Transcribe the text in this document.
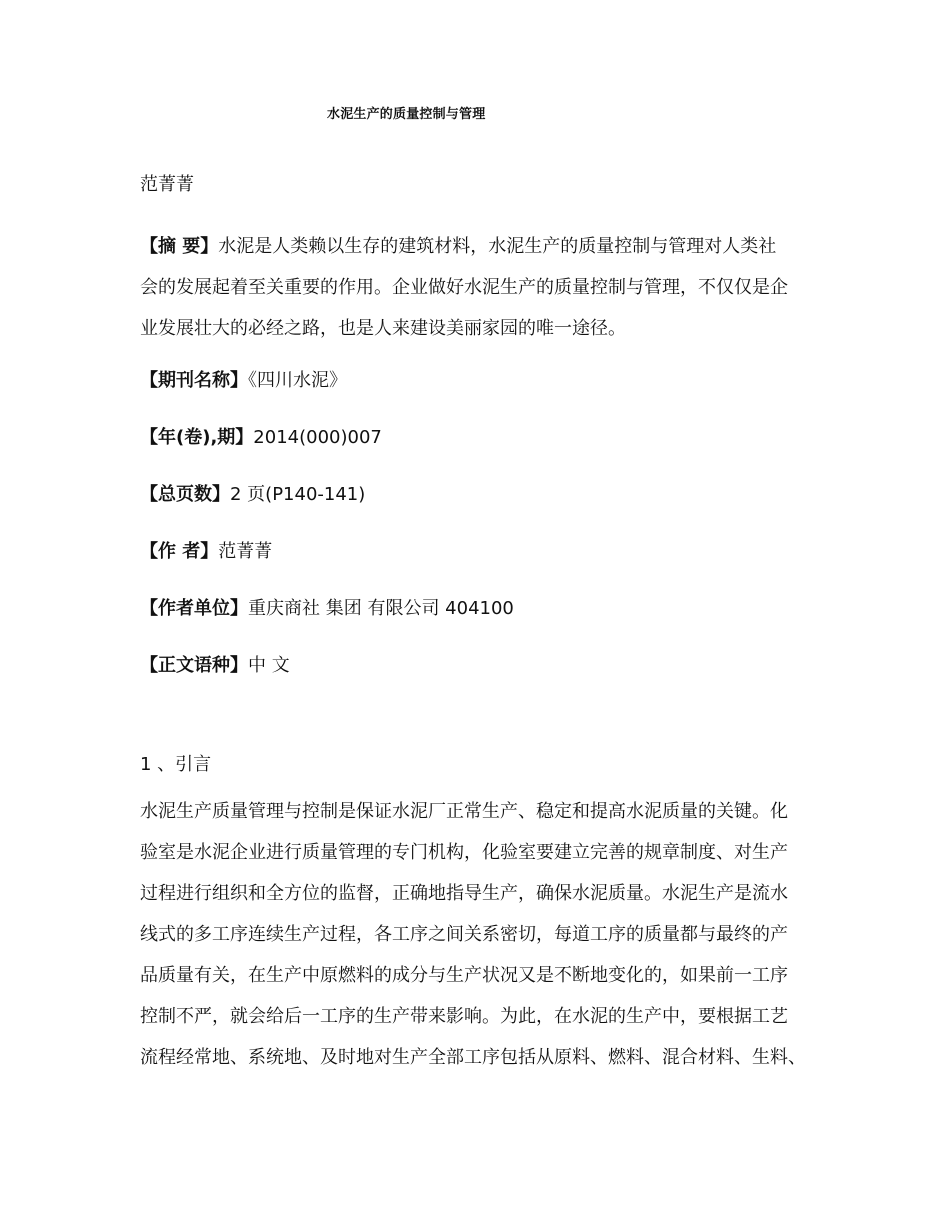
水泥生产的质量控制与管理
范菁菁
【摘 要】水泥是人类赖以生存的建筑材料，水泥生产的质量控制与管理对人类社
会的发展起着至关重要的作用。企业做好水泥生产的质量控制与管理，不仅仅是企
业发展壮大的必经之路，也是人来建设美丽家园的唯一途径。
【期刊名称】《四川水泥》
【年(卷),期】2014(000)007
【总页数】2 页(P140-141)
【作 者】范菁菁
【作者单位】重庆商社 集团 有限公司 404100
【正文语种】中 文
1 、引言
水泥生产质量管理与控制是保证水泥厂正常生产、稳定和提高水泥质量的关键。化
验室是水泥企业进行质量管理的专门机构，化验室要建立完善的规章制度、对生产
过程进行组织和全方位的监督，正确地指导生产，确保水泥质量。水泥生产是流水
线式的多工序连续生产过程，各工序之间关系密切，每道工序的质量都与最终的产
品质量有关，在生产中原燃料的成分与生产状况又是不断地变化的，如果前一工序
控制不严，就会给后一工序的生产带来影响。为此，在水泥的生产中，要根据工艺
流程经常地、系统地、及时地对生产全部工序包括从原料、燃料、混合材料、生料、
